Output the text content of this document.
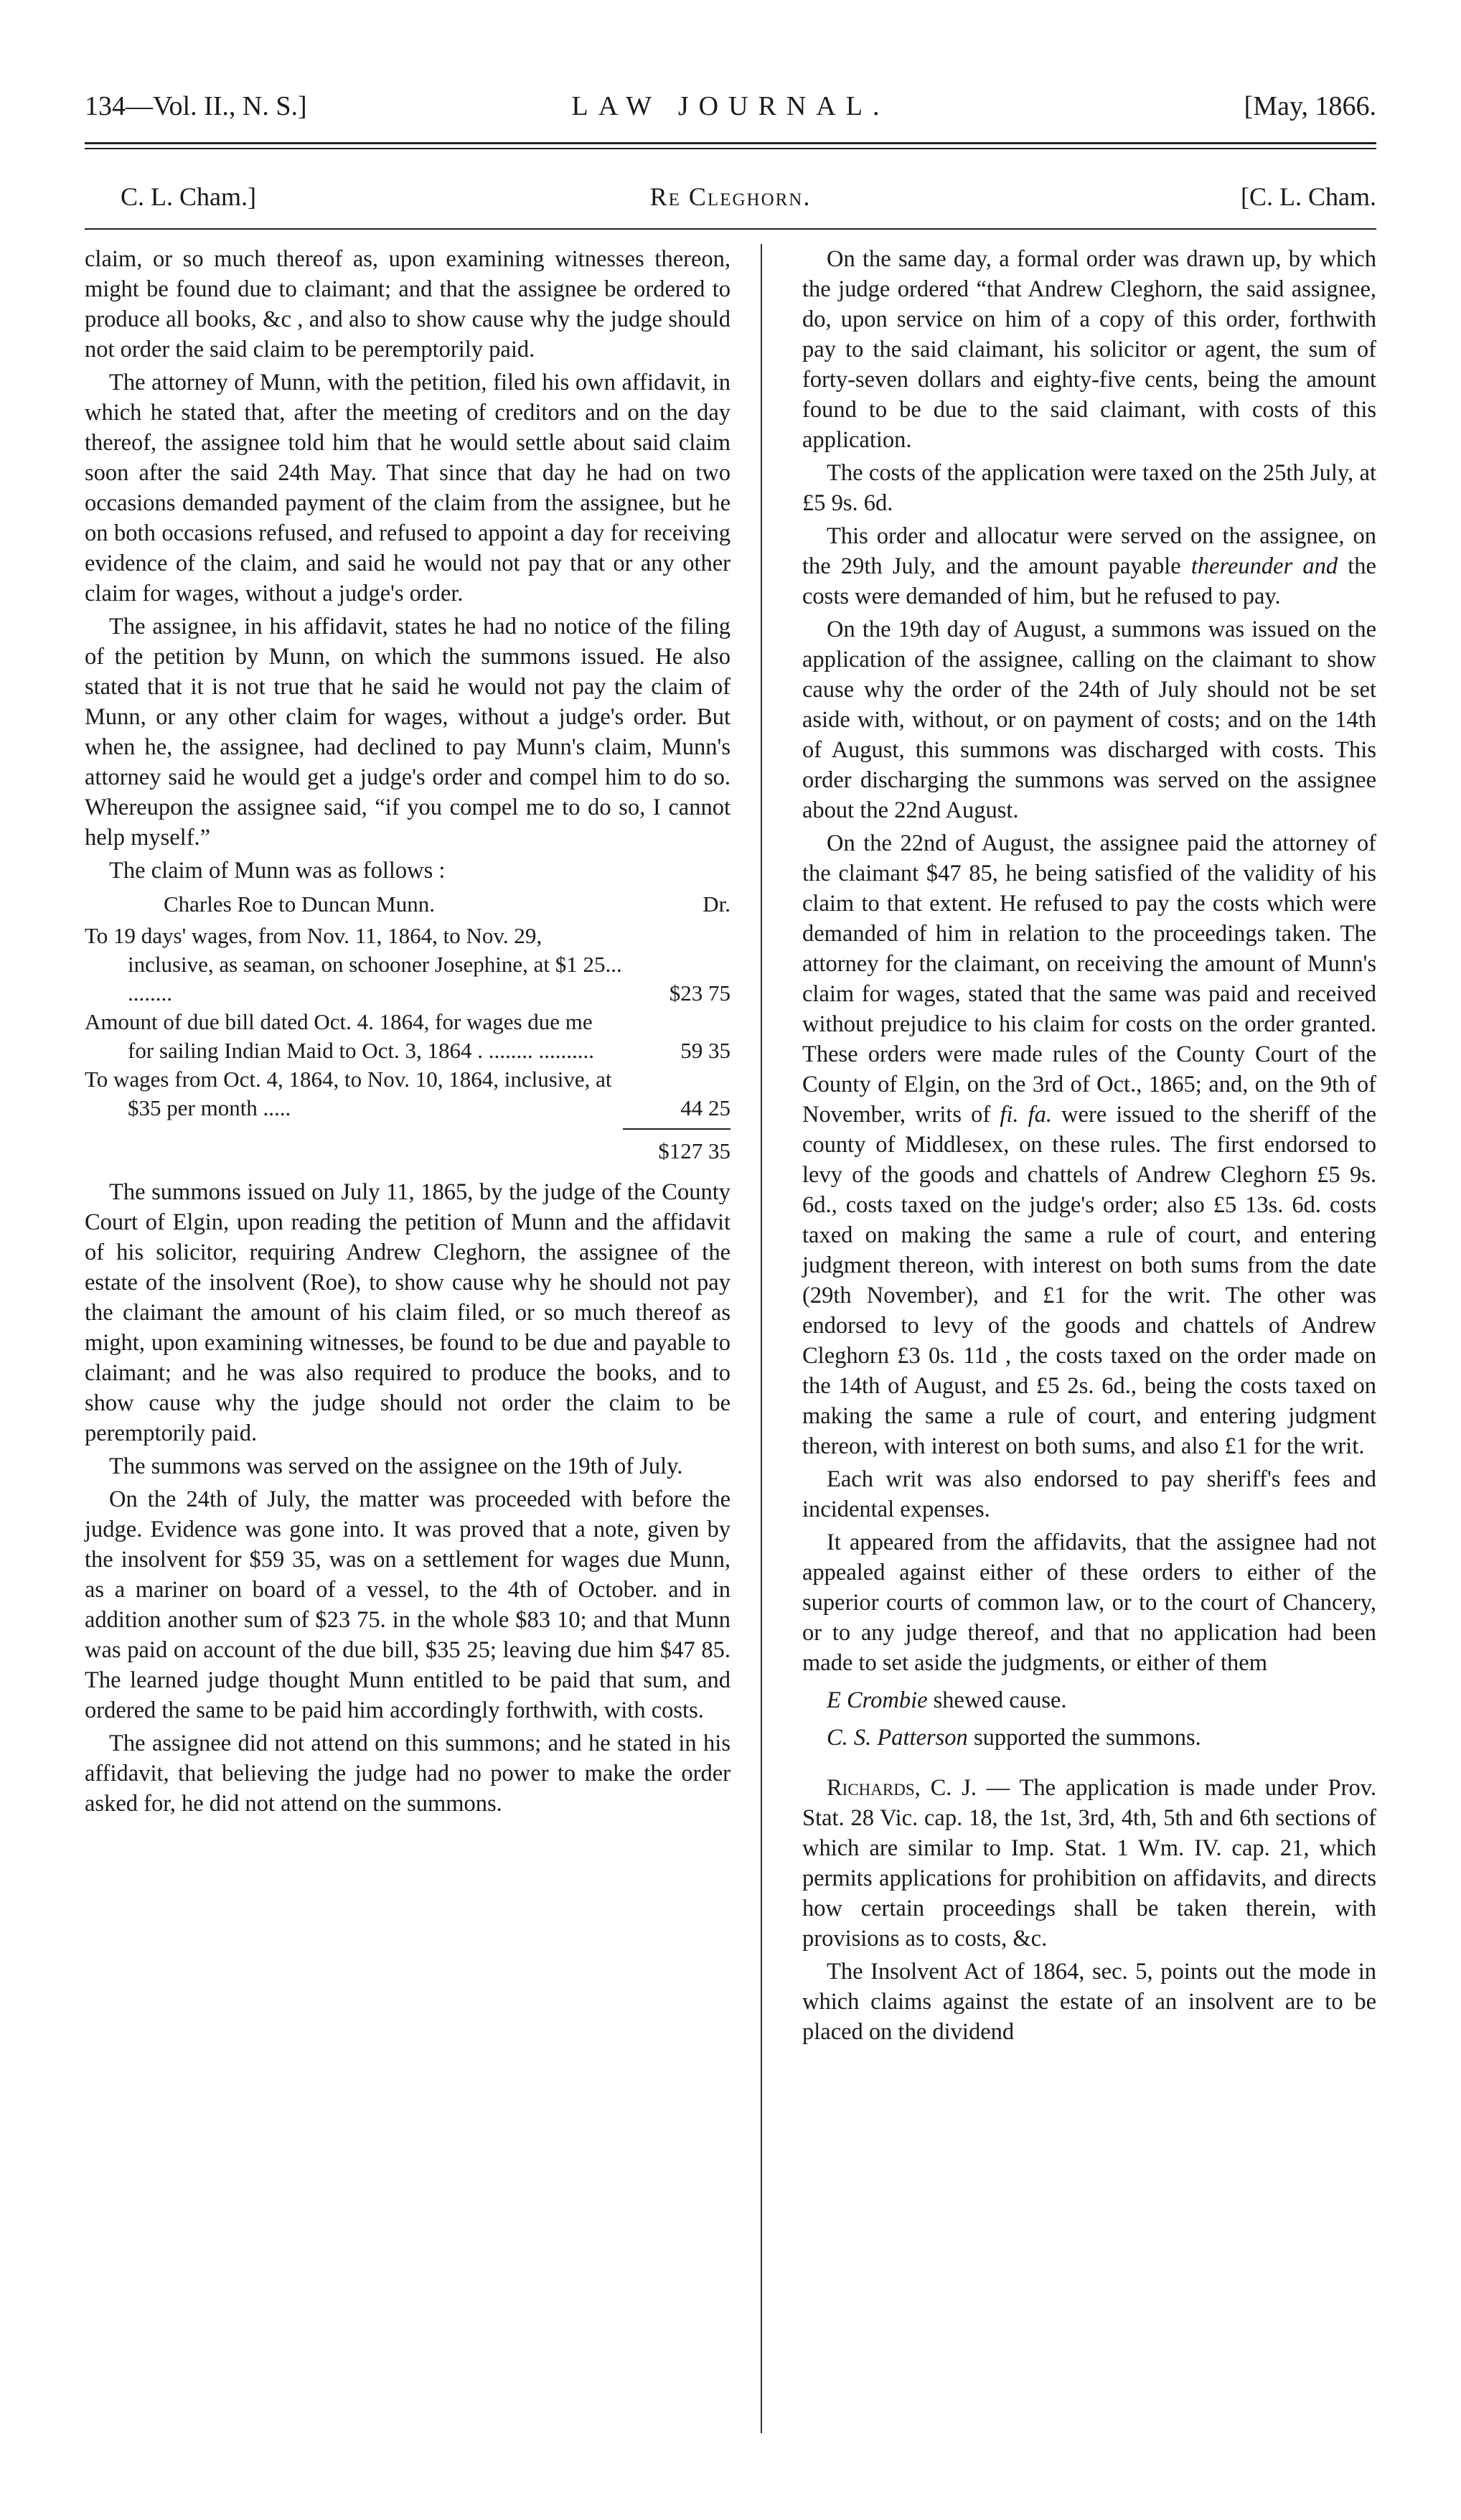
134—Vol. II., N. S.]	LAW JOURNAL.	[May, 1866.
C. L. Cham.]	Re Cleghorn.	[C. L. Cham.

claim, or so much thereof as, upon examining witnesses thereon, might be found due to claimant; and that the assignee be ordered to produce all books, &c , and also to show cause why the judge should not order the said claim to be peremptorily paid.

The attorney of Munn, with the petition, filed his own affidavit, in which he stated that, after the meeting of creditors and on the day thereof, the assignee told him that he would settle about said claim soon after the said 24th May. That since that day he had on two occasions demanded payment of the claim from the assignee, but he on both occasions refused, and refused to appoint a day for receiving evidence of the claim, and said he would not pay that or any other claim for wages, without a judge's order.

The assignee, in his affidavit, states he had no notice of the filing of the petition by Munn, on which the summons issued. He also stated that it is not true that he said he would not pay the claim of Munn, or any other claim for wages, without a judge's order. But when he, the assignee, had declined to pay Munn's claim, Munn's attorney said he would get a judge's order and compel him to do so. Whereupon the assignee said, “if you compel me to do so, I cannot help myself.”

The claim of Munn was as follows :

Charles Roe to Duncan Munn.	Dr.
To 19 days' wages, from Nov. 11, 1864, to Nov. 29, inclusive, as seaman, on schooner Josephine, at $1 25... ........	$23 75
Amount of due bill dated Oct. 4. 1864, for wages due me for sailing Indian Maid to Oct. 3, 1864 . ........ ..........	59 35
To wages from Oct. 4, 1864, to Nov. 10, 1864, inclusive, at $35 per month .....	44 25
$127 35

The summons issued on July 11, 1865, by the judge of the County Court of Elgin, upon reading the petition of Munn and the affidavit of his solicitor, requiring Andrew Cleghorn, the assignee of the estate of the insolvent (Roe), to show cause why he should not pay the claimant the amount of his claim filed, or so much thereof as might, upon examining witnesses, be found to be due and payable to claimant; and he was also required to produce the books, and to show cause why the judge should not order the claim to be peremptorily paid.

The summons was served on the assignee on the 19th of July.

On the 24th of July, the matter was proceeded with before the judge. Evidence was gone into. It was proved that a note, given by the insolvent for $59 35, was on a settlement for wages due Munn, as a mariner on board of a vessel, to the 4th of October. and in addition another sum of $23 75. in the whole $83 10; and that Munn was paid on account of the due bill, $35 25; leaving due him $47 85. The learned judge thought Munn entitled to be paid that sum, and ordered the same to be paid him accordingly forthwith, with costs.

The assignee did not attend on this summons; and he stated in his affidavit, that believing the judge had no power to make the order asked for, he did not attend on the summons.

On the same day, a formal order was drawn up, by which the judge ordered “that Andrew Cleghorn, the said assignee, do, upon service on him of a copy of this order, forthwith pay to the said claimant, his solicitor or agent, the sum of forty-seven dollars and eighty-five cents, being the amount found to be due to the said claimant, with costs of this application.

The costs of the application were taxed on the 25th July, at £5 9s. 6d.

This order and allocatur were served on the assignee, on the 29th July, and the amount payable thereunder and the costs were demanded of him, but he refused to pay.

On the 19th day of August, a summons was issued on the application of the assignee, calling on the claimant to show cause why the order of the 24th of July should not be set aside with, without, or on payment of costs; and on the 14th of August, this summons was discharged with costs. This order discharging the summons was served on the assignee about the 22nd August.

On the 22nd of August, the assignee paid the attorney of the claimant $47 85, he being satisfied of the validity of his claim to that extent. He refused to pay the costs which were demanded of him in relation to the proceedings taken. The attorney for the claimant, on receiving the amount of Munn's claim for wages, stated that the same was paid and received without prejudice to his claim for costs on the order granted. These orders were made rules of the County Court of the County of Elgin, on the 3rd of Oct., 1865; and, on the 9th of November, writs of fi. fa. were issued to the sheriff of the county of Middlesex, on these rules. The first endorsed to levy of the goods and chattels of Andrew Cleghorn £5 9s. 6d., costs taxed on the judge's order; also £5 13s. 6d. costs taxed on making the same a rule of court, and entering judgment thereon, with interest on both sums from the date (29th November), and £1 for the writ. The other was endorsed to levy of the goods and chattels of Andrew Cleghorn £3 0s. 11d , the costs taxed on the order made on the 14th of August, and £5 2s. 6d., being the costs taxed on making the same a rule of court, and entering judgment thereon, with interest on both sums, and also £1 for the writ.

Each writ was also endorsed to pay sheriff's fees and incidental expenses.

It appeared from the affidavits, that the assignee had not appealed against either of these orders to either of the superior courts of common law, or to the court of Chancery, or to any judge thereof, and that no application had been made to set aside the judgments, or either of them

E Crombie shewed cause.

C. S. Patterson supported the summons.

Richards, C. J. — The application is made under Prov. Stat. 28 Vic. cap. 18, the 1st, 3rd, 4th, 5th and 6th sections of which are similar to Imp. Stat. 1 Wm. IV. cap. 21, which permits applications for prohibition on affidavits, and directs how certain proceedings shall be taken therein, with provisions as to costs, &c.

The Insolvent Act of 1864, sec. 5, points out the mode in which claims against the estate of an insolvent are to be placed on the dividend
